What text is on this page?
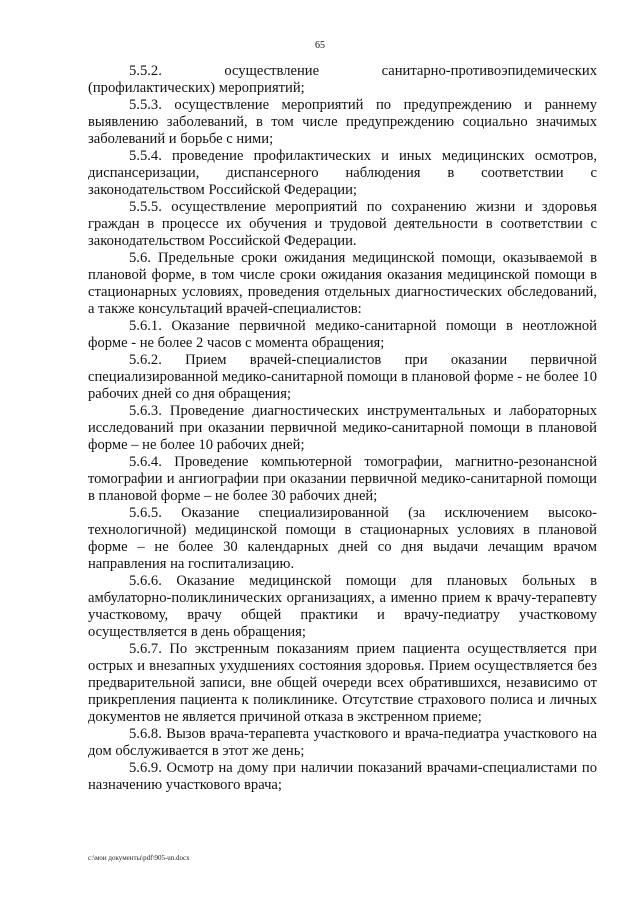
65

5.5.2. осуществление санитарно-противоэпидемических (профилактических) мероприятий;

5.5.3. осуществление мероприятий по предупреждению и раннему выявлению заболеваний, в том числе предупреждению социально значимых заболеваний и борьбе с ними;

5.5.4. проведение профилактических и иных медицинских осмотров, диспансеризации, диспансерного наблюдения в соответствии с законодательством Российской Федерации;

5.5.5. осуществление мероприятий по сохранению жизни и здоровья граждан в процессе их обучения и трудовой деятельности в соответствии с законодательством Российской Федерации.

5.6. Предельные сроки ожидания медицинской помощи, оказываемой в плановой форме, в том числе сроки ожидания оказания медицинской помощи в стационарных условиях, проведения отдельных диагностических обследований, а также консультаций врачей-специалистов:

5.6.1. Оказание первичной медико-санитарной помощи в неотложной форме - не более 2 часов с момента обращения;

5.6.2. Прием врачей-специалистов при оказании первичной специализированной медико-санитарной помощи в плановой форме - не более 10 рабочих дней со дня обращения;

5.6.3. Проведение диагностических инструментальных и лабораторных исследований при оказании первичной медико-санитарной помощи в плановой форме – не более 10 рабочих дней;

5.6.4. Проведение компьютерной томографии, магнитно-резонансной томографии и ангиографии при оказании первичной медико-санитарной помощи в плановой форме – не более 30 рабочих дней;

5.6.5. Оказание специализированной (за исключением высоко-технологичной) медицинской помощи в стационарных условиях в плановой форме – не более 30 календарных дней со дня выдачи лечащим врачом направления на госпитализацию.

5.6.6. Оказание медицинской помощи для плановых больных в амбулаторно-поликлинических организациях, а именно прием к врачу-терапевту участковому, врачу общей практики и врачу-педиатру участковому осуществляется в день обращения;

5.6.7. По экстренным показаниям прием пациента осуществляется при острых и внезапных ухудшениях состояния здоровья. Прием осуществляется без предварительной записи, вне общей очереди всех обратившихся, независимо от прикрепления пациента к поликлинике. Отсутствие страхового полиса и личных документов не является причиной отказа в экстренном приеме;

5.6.8. Вызов врача-терапевта участкового и врача-педиатра участкового на дом обслуживается в этот же день;

5.6.9. Осмотр на дому при наличии показаний врачами-специалистами по назначению участкового врача;

c:\мои документы\pdf\905-un.docx
